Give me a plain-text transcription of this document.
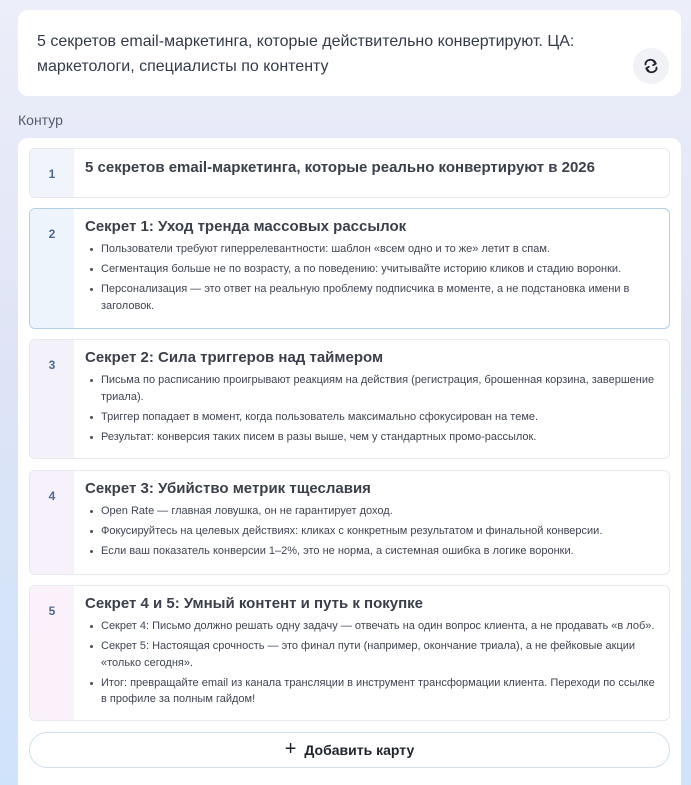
5 секретов email-маркетинга, которые действительно конвертируют. ЦА: маркетологи, специалисты по контенту
Контур
1	5 секретов email-маркетинга, которые реально конвертируют в 2026
2	Секрет 1: Уход тренда массовых рассылок
Пользователи требуют гиперрелевантности: шаблон «всем одно и то же» летит в спам.
Сегментация больше не по возрасту, а по поведению: учитывайте историю кликов и стадию воронки.
Персонализация — это ответ на реальную проблему подписчика в моменте, а не подстановка имени в заголовок.
3	Секрет 2: Сила триггеров над таймером
Письма по расписанию проигрывают реакциям на действия (регистрация, брошенная корзина, завершение триала).
Триггер попадает в момент, когда пользователь максимально сфокусирован на теме.
Результат: конверсия таких писем в разы выше, чем у стандартных промо-рассылок.
4	Секрет 3: Убийство метрик тщеславия
Open Rate — главная ловушка, он не гарантирует доход.
Фокусируйтесь на целевых действиях: кликах с конкретным результатом и финальной конверсии.
Если ваш показатель конверсии 1–2%, это не норма, а системная ошибка в логике воронки.
5	Секрет 4 и 5: Умный контент и путь к покупке
Секрет 4: Письмо должно решать одну задачу — отвечать на один вопрос клиента, а не продавать «в лоб».
Секрет 5: Настоящая срочность — это финал пути (например, окончание триала), а не фейковые акции «только сегодня».
Итог: превращайте email из канала трансляции в инструмент трансформации клиента. Переходи по ссылке в профиле за полным гайдом!
+ Добавить карту
